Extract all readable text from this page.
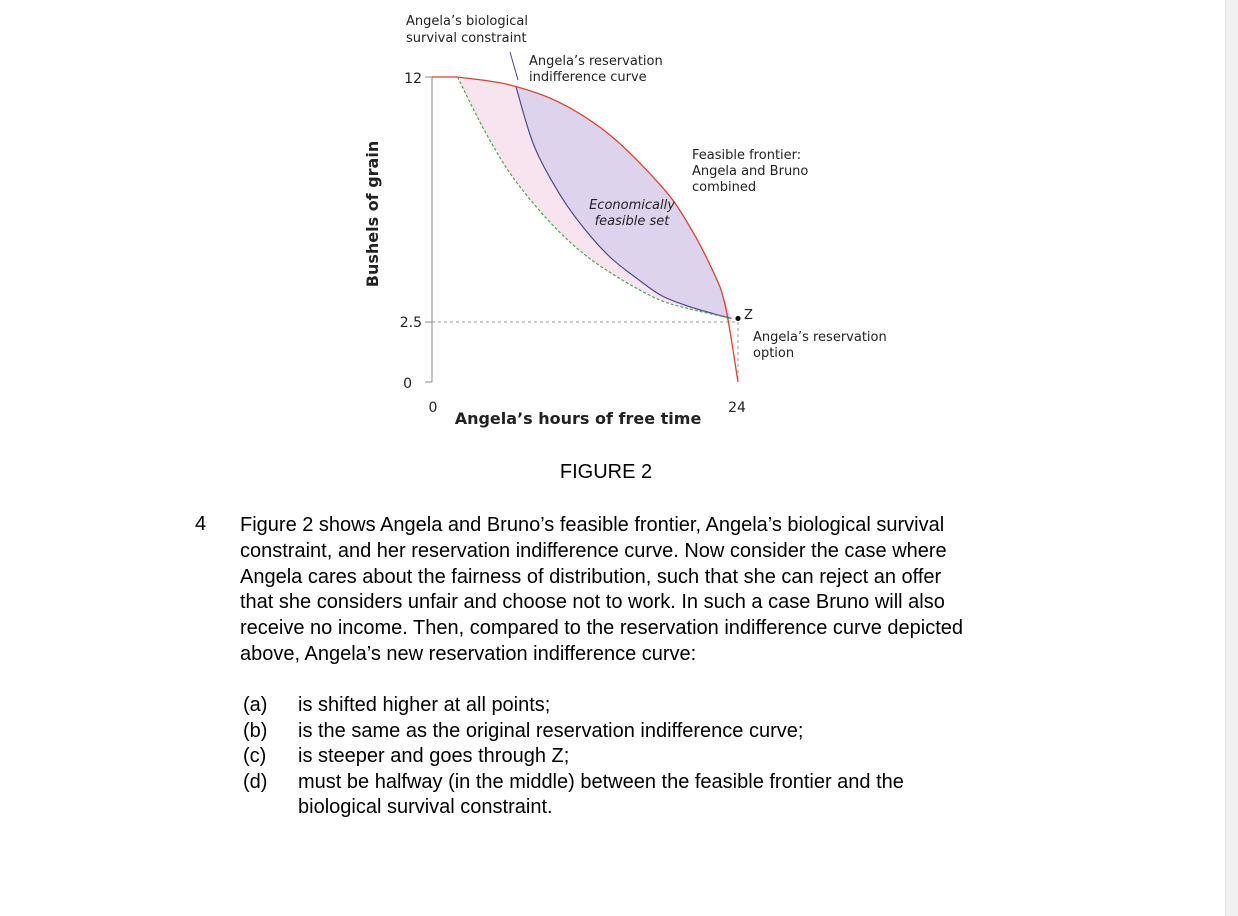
12
2.5
0
0	24
Angela’s hours of free time
Bushels of grain
Angela’s biological
survival constraint
Angela’s reservation
indifference curve
Feasible frontier:
Angela and Bruno
combined
Economically
feasible set
Z
Angela’s reservation
option
FIGURE 2
4 Figure 2 shows Angela and Bruno’s feasible frontier, Angela’s biological survival
constraint, and her reservation indifference curve. Now consider the case where
Angela cares about the fairness of distribution, such that she can reject an offer
that she considers unfair and choose not to work. In such a case Bruno will also
receive no income. Then, compared to the reservation indifference curve depicted
above, Angela’s new reservation indifference curve:
(a)	is shifted higher at all points;
(b)	is the same as the original reservation indifference curve;
(c)	is steeper and goes through Z;
(d)	must be halfway (in the middle) between the feasible frontier and the
biological survival constraint.
